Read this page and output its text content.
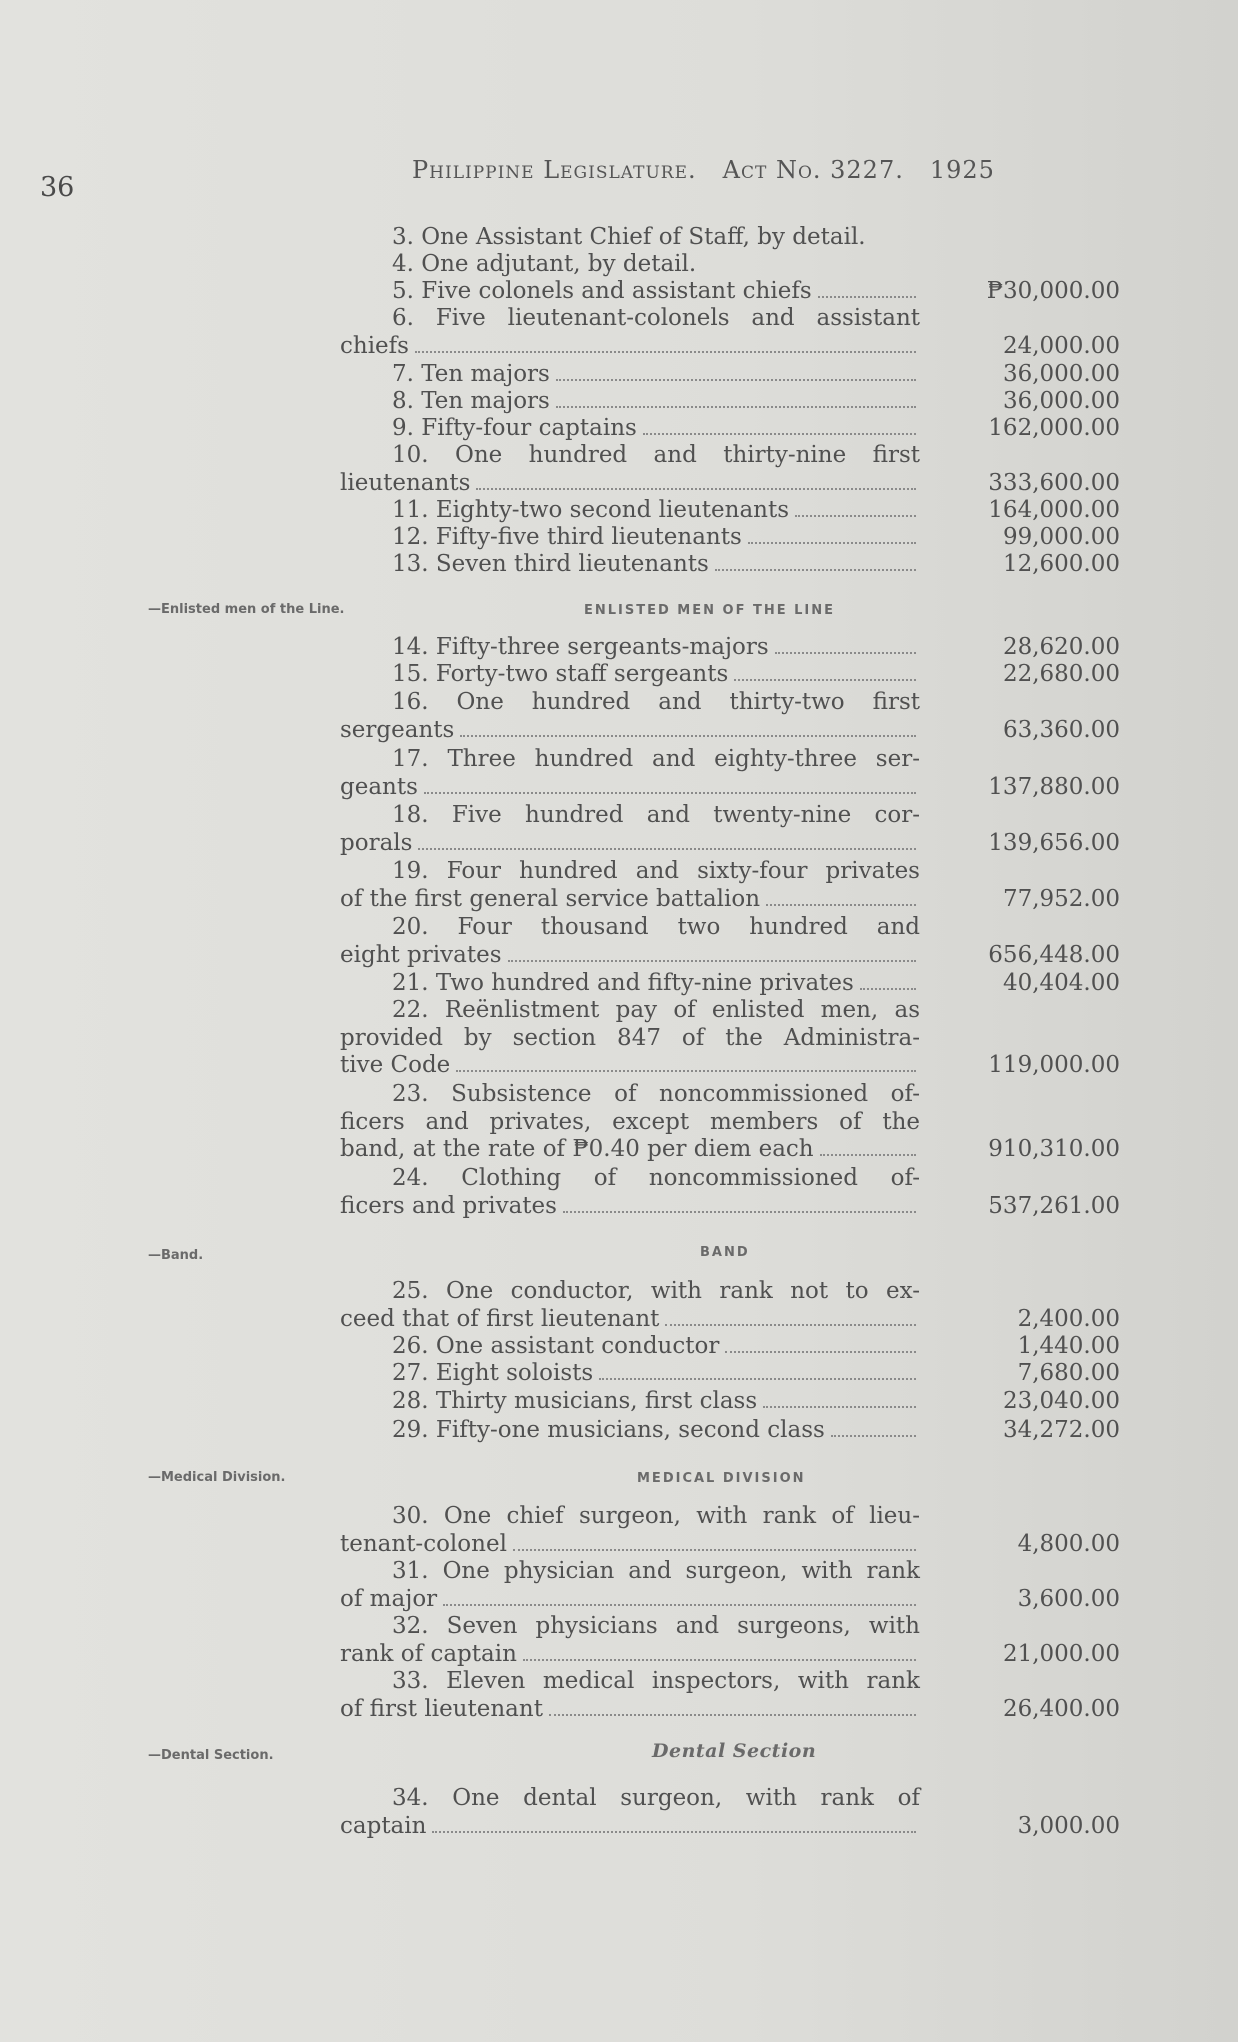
36
Philippine Legislature. Act No. 3227. 1925
—Enlisted men of the Line.	ENLISTED MEN OF THE LINE
—Band.	BAND
—Medical Division.	MEDICAL DIVISION
—Dental Section.	Dental Section
3. One Assistant Chief of Staff, by detail.
4. One adjutant, by detail.
5. Five colonels and assistant chiefs	₱30,000.00
6. Five lieutenant-colonels and assistant
chiefs	24,000.00
7. Ten majors	36,000.00
8. Ten majors	36,000.00
9. Fifty-four captains	162,000.00
10. One hundred and thirty-nine first
lieutenants	333,600.00
11. Eighty-two second lieutenants	164,000.00
12. Fifty-five third lieutenants	99,000.00
13. Seven third lieutenants	12,600.00
14. Fifty-three sergeants-majors	28,620.00
15. Forty-two staff sergeants	22,680.00
16. One hundred and thirty-two first
sergeants	63,360.00
17. Three hundred and eighty-three ser-
geants	137,880.00
18. Five hundred and twenty-nine cor-
porals	139,656.00
19. Four hundred and sixty-four privates
of the first general service battalion	77,952.00
20. Four thousand two hundred and
eight privates	656,448.00
21. Two hundred and fifty-nine privates	40,404.00
22. Reënlistment pay of enlisted men, as
provided by section 847 of the Administra-
tive Code	119,000.00
23. Subsistence of noncommissioned of-
ficers and privates, except members of the
band, at the rate of ₱0.40 per diem each	910,310.00
24. Clothing of noncommissioned of-
ficers and privates	537,261.00
25. One conductor, with rank not to ex-
ceed that of first lieutenant	2,400.00
26. One assistant conductor	1,440.00
27. Eight soloists	7,680.00
28. Thirty musicians, first class	23,040.00
29. Fifty-one musicians, second class	34,272.00
30. One chief surgeon, with rank of lieu-
tenant-colonel	4,800.00
31. One physician and surgeon, with rank
of major	3,600.00
32. Seven physicians and surgeons, with
rank of captain	21,000.00
33. Eleven medical inspectors, with rank
of first lieutenant	26,400.00
34. One dental surgeon, with rank of
captain	3,000.00
